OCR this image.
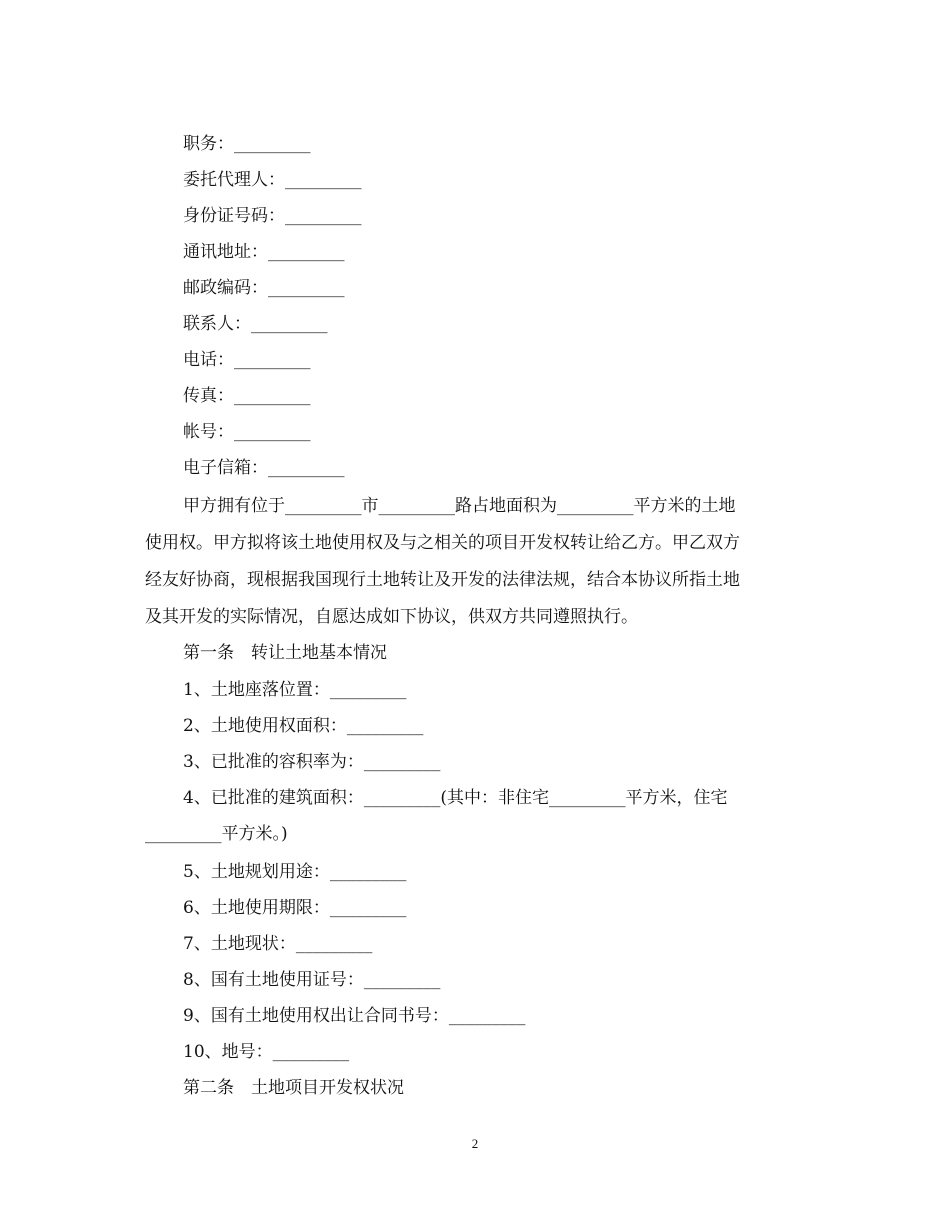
职务：_________
委托代理人：_________
身份证号码：_________
通讯地址：_________
邮政编码：_________
联系人：_________
电话：_________
传真：_________
帐号：_________
电子信箱：_________
甲方拥有位于_________市_________路占地面积为_________平方米的土地
使用权。甲方拟将该土地使用权及与之相关的项目开发权转让给乙方。甲乙双方
经友好协商，现根据我国现行土地转让及开发的法律法规，结合本协议所指土地
及其开发的实际情况，自愿达成如下协议，供双方共同遵照执行。
第一条　转让土地基本情况
1、土地座落位置：_________
2、土地使用权面积：_________
3、已批准的容积率为：_________
4、已批准的建筑面积：_________(其中：非住宅_________平方米，住宅
_________平方米。)
5、土地规划用途：_________
6、土地使用期限：_________
7、土地现状：_________
8、国有土地使用证号：_________
9、国有土地使用权出让合同书号：_________
10、地号：_________
第二条　土地项目开发权状况
2
